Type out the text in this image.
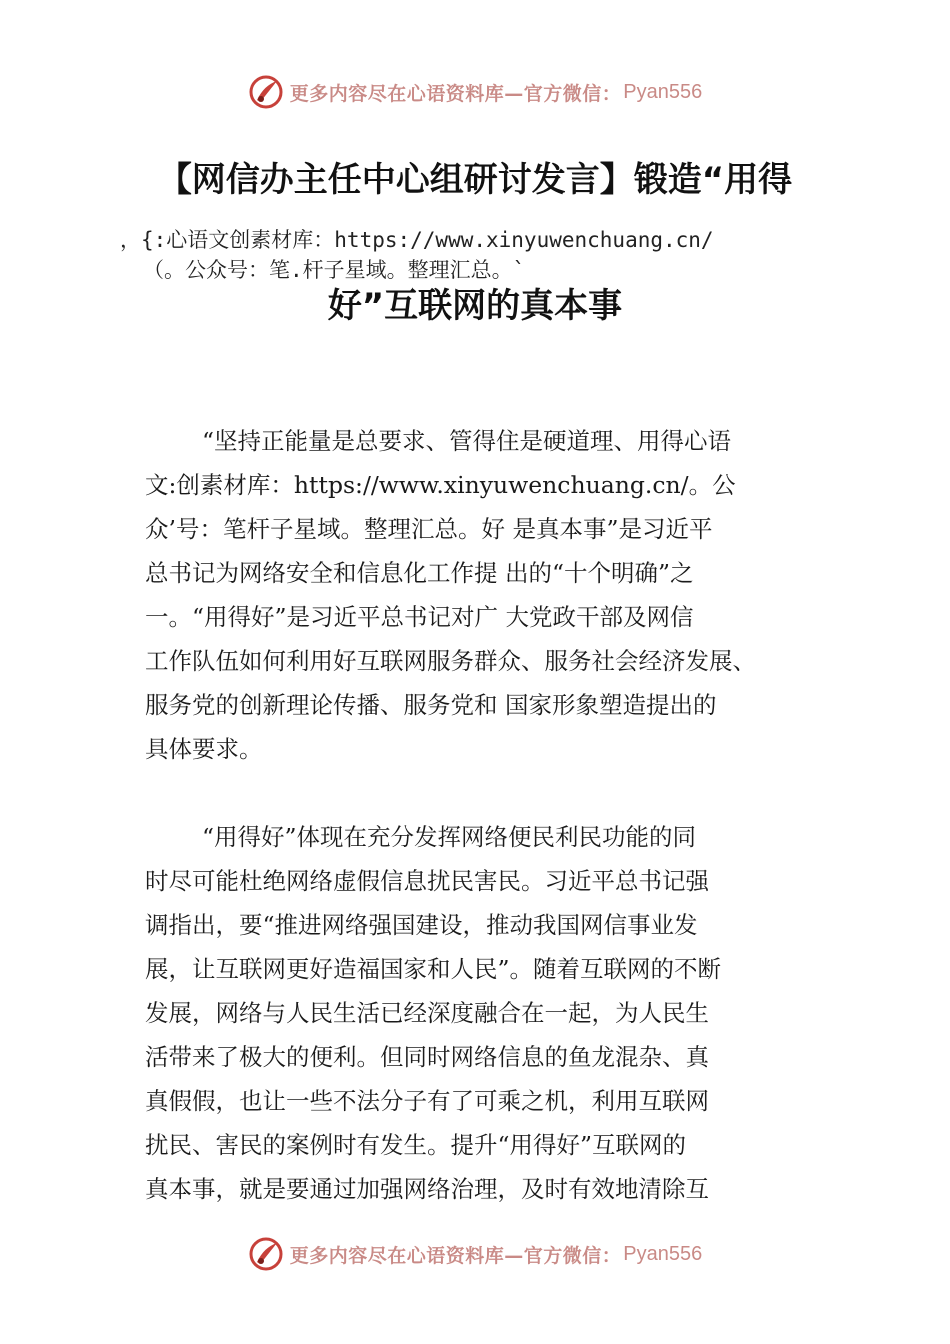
更多内容尽在心语资料库—官方微信： Pyan556
【网信办主任中心组研讨发言】锻造“用得
，{:心语文创素材库：https://www.xinyuwenchuang.cn/
（。公众号：笔.杆子星域。整理汇总。`
好”互联网的真本事
“坚持正能量是总要求、管得住是硬道理、用得心语
文:创素材库：https://www.xinyuwenchuang.cn/。公
众’号：笔杆子星域。整理汇总。好 是真本事”是习近平
总书记为网络安全和信息化工作提 出的“十个明确”之
一。“用得好”是习近平总书记对广 大党政干部及网信
工作队伍如何利用好互联网服务群众、服务社会经济发展、
服务党的创新理论传播、服务党和 国家形象塑造提出的
具体要求。
“用得好”体现在充分发挥网络便民利民功能的同
时尽可能杜绝网络虚假信息扰民害民。习近平总书记强
调指出，要“推进网络强国建设，推动我国网信事业发
展，让互联网更好造福国家和人民”。随着互联网的不断
发展，网络与人民生活已经深度融合在一起，为人民生
活带来了极大的便利。但同时网络信息的鱼龙混杂、真
真假假，也让一些不法分子有了可乘之机，利用互联网
扰民、害民的案例时有发生。提升“用得好”互联网的
真本事，就是要通过加强网络治理，及时有效地清除互
更多内容尽在心语资料库—官方微信： Pyan556
